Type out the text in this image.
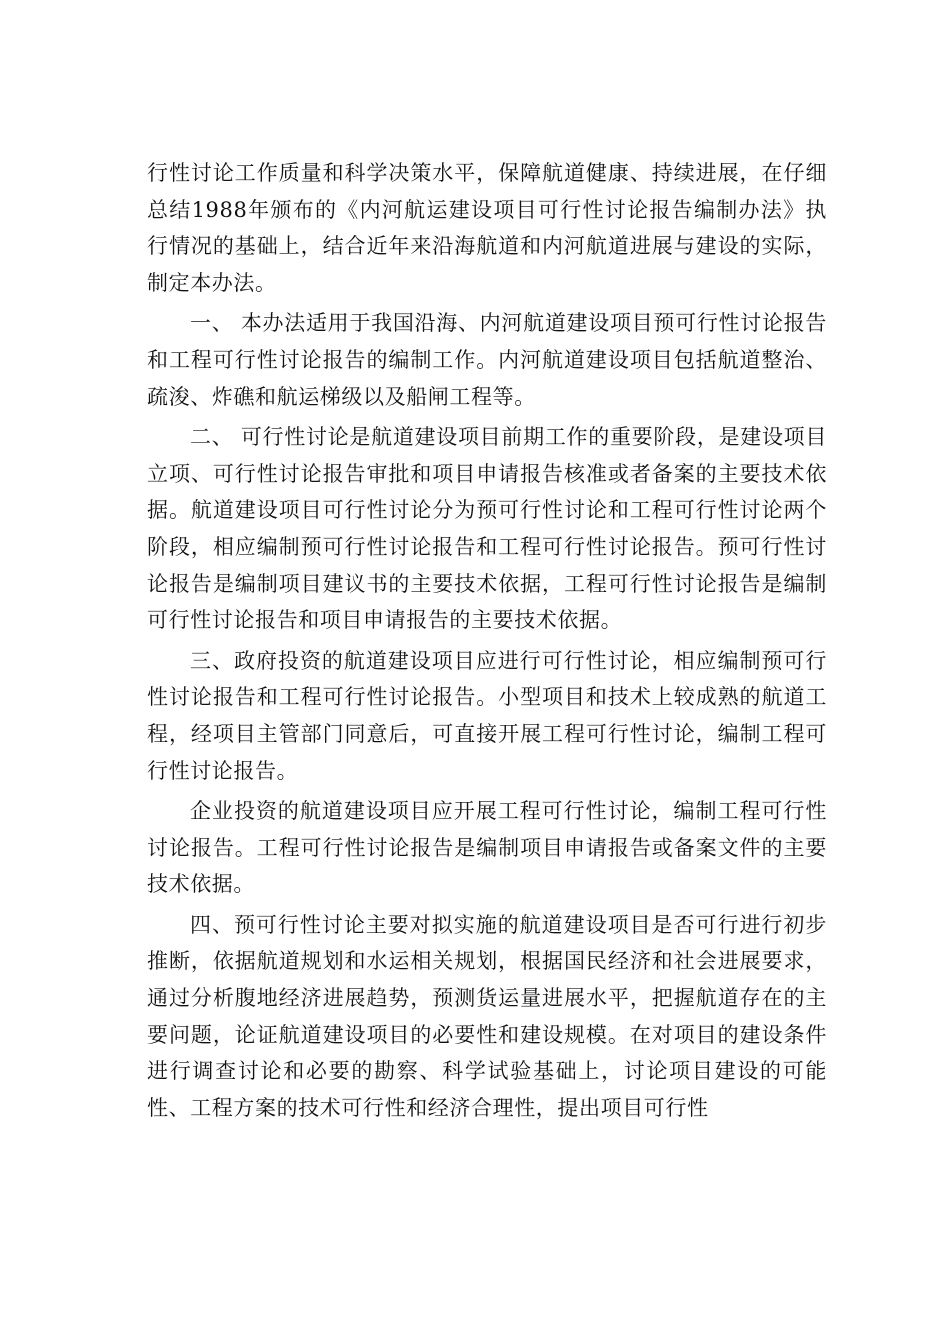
行性讨论工作质量和科学决策水平，保障航道健康、持续进展，在仔细总结1988年颁布的《内河航运建设项目可行性讨论报告编制办法》执行情况的基础上，结合近年来沿海航道和内河航道进展与建设的实际，制定本办法。

一、 本办法适用于我国沿海、内河航道建设项目预可行性讨论报告和工程可行性讨论报告的编制工作。内河航道建设项目包括航道整治、疏浚、炸礁和航运梯级以及船闸工程等。

二、 可行性讨论是航道建设项目前期工作的重要阶段，是建设项目立项、可行性讨论报告审批和项目申请报告核准或者备案的主要技术依据。航道建设项目可行性讨论分为预可行性讨论和工程可行性讨论两个阶段，相应编制预可行性讨论报告和工程可行性讨论报告。预可行性讨论报告是编制项目建议书的主要技术依据，工程可行性讨论报告是编制可行性讨论报告和项目申请报告的主要技术依据。

三、政府投资的航道建设项目应进行可行性讨论，相应编制预可行性讨论报告和工程可行性讨论报告。小型项目和技术上较成熟的航道工程，经项目主管部门同意后，可直接开展工程可行性讨论，编制工程可行性讨论报告。

企业投资的航道建设项目应开展工程可行性讨论，编制工程可行性讨论报告。工程可行性讨论报告是编制项目申请报告或备案文件的主要技术依据。

四、预可行性讨论主要对拟实施的航道建设项目是否可行进行初步推断，依据航道规划和水运相关规划，根据国民经济和社会进展要求，通过分析腹地经济进展趋势，预测货运量进展水平，把握航道存在的主要问题，论证航道建设项目的必要性和建设规模。在对项目的建设条件进行调查讨论和必要的勘察、科学试验基础上，讨论项目建设的可能性、工程方案的技术可行性和经济合理性，提出项目可行性
